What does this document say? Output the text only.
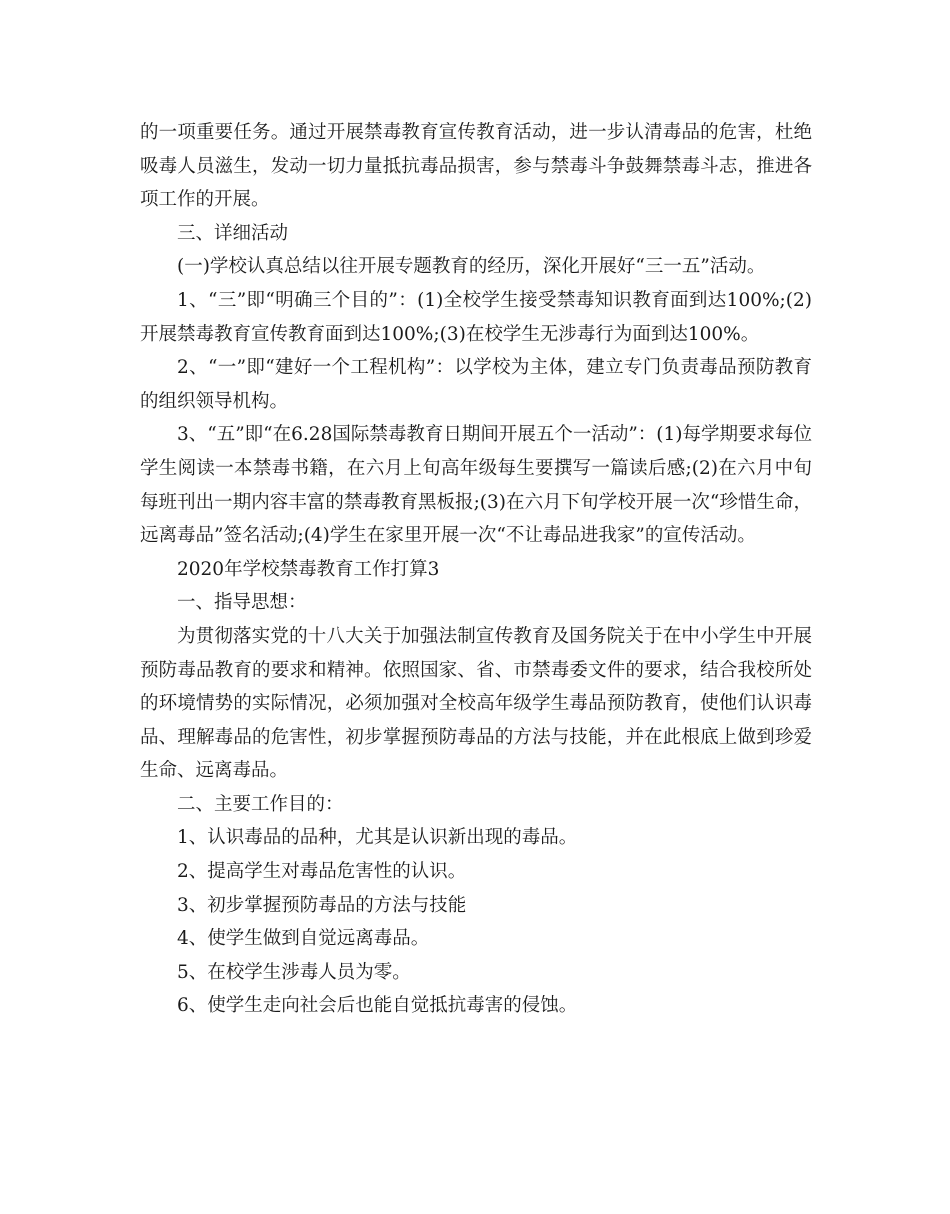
的一项重要任务。通过开展禁毒教育宣传教育活动，进一步认清毒品的危害，杜绝吸毒人员滋生，发动一切力量抵抗毒品损害，参与禁毒斗争鼓舞禁毒斗志，推进各项工作的开展。

三、详细活动

(一)学校认真总结以往开展专题教育的经历，深化开展好“三一五”活动。

1、“三”即“明确三个目的”：(1)全校学生接受禁毒知识教育面到达100%;(2)开展禁毒教育宣传教育面到达100%;(3)在校学生无涉毒行为面到达100%。

2、“一”即“建好一个工程机构”：以学校为主体，建立专门负责毒品预防教育的组织领导机构。

3、“五”即“在6.28国际禁毒教育日期间开展五个一活动”：(1)每学期要求每位学生阅读一本禁毒书籍，在六月上旬高年级每生要撰写一篇读后感;(2)在六月中旬每班刊出一期内容丰富的禁毒教育黑板报;(3)在六月下旬学校开展一次“珍惜生命，远离毒品”签名活动;(4)学生在家里开展一次“不让毒品进我家”的宣传活动。

2020年学校禁毒教育工作打算3

一、指导思想：

为贯彻落实党的十八大关于加强法制宣传教育及国务院关于在中小学生中开展预防毒品教育的要求和精神。依照国家、省、市禁毒委文件的要求，结合我校所处的环境情势的实际情况，必须加强对全校高年级学生毒品预防教育，使他们认识毒品、理解毒品的危害性，初步掌握预防毒品的方法与技能，并在此根底上做到珍爱生命、远离毒品。

二、主要工作目的：

1、认识毒品的品种，尤其是认识新出现的毒品。

2、提高学生对毒品危害性的认识。

3、初步掌握预防毒品的方法与技能

4、使学生做到自觉远离毒品。

5、在校学生涉毒人员为零。

6、使学生走向社会后也能自觉抵抗毒害的侵蚀。
